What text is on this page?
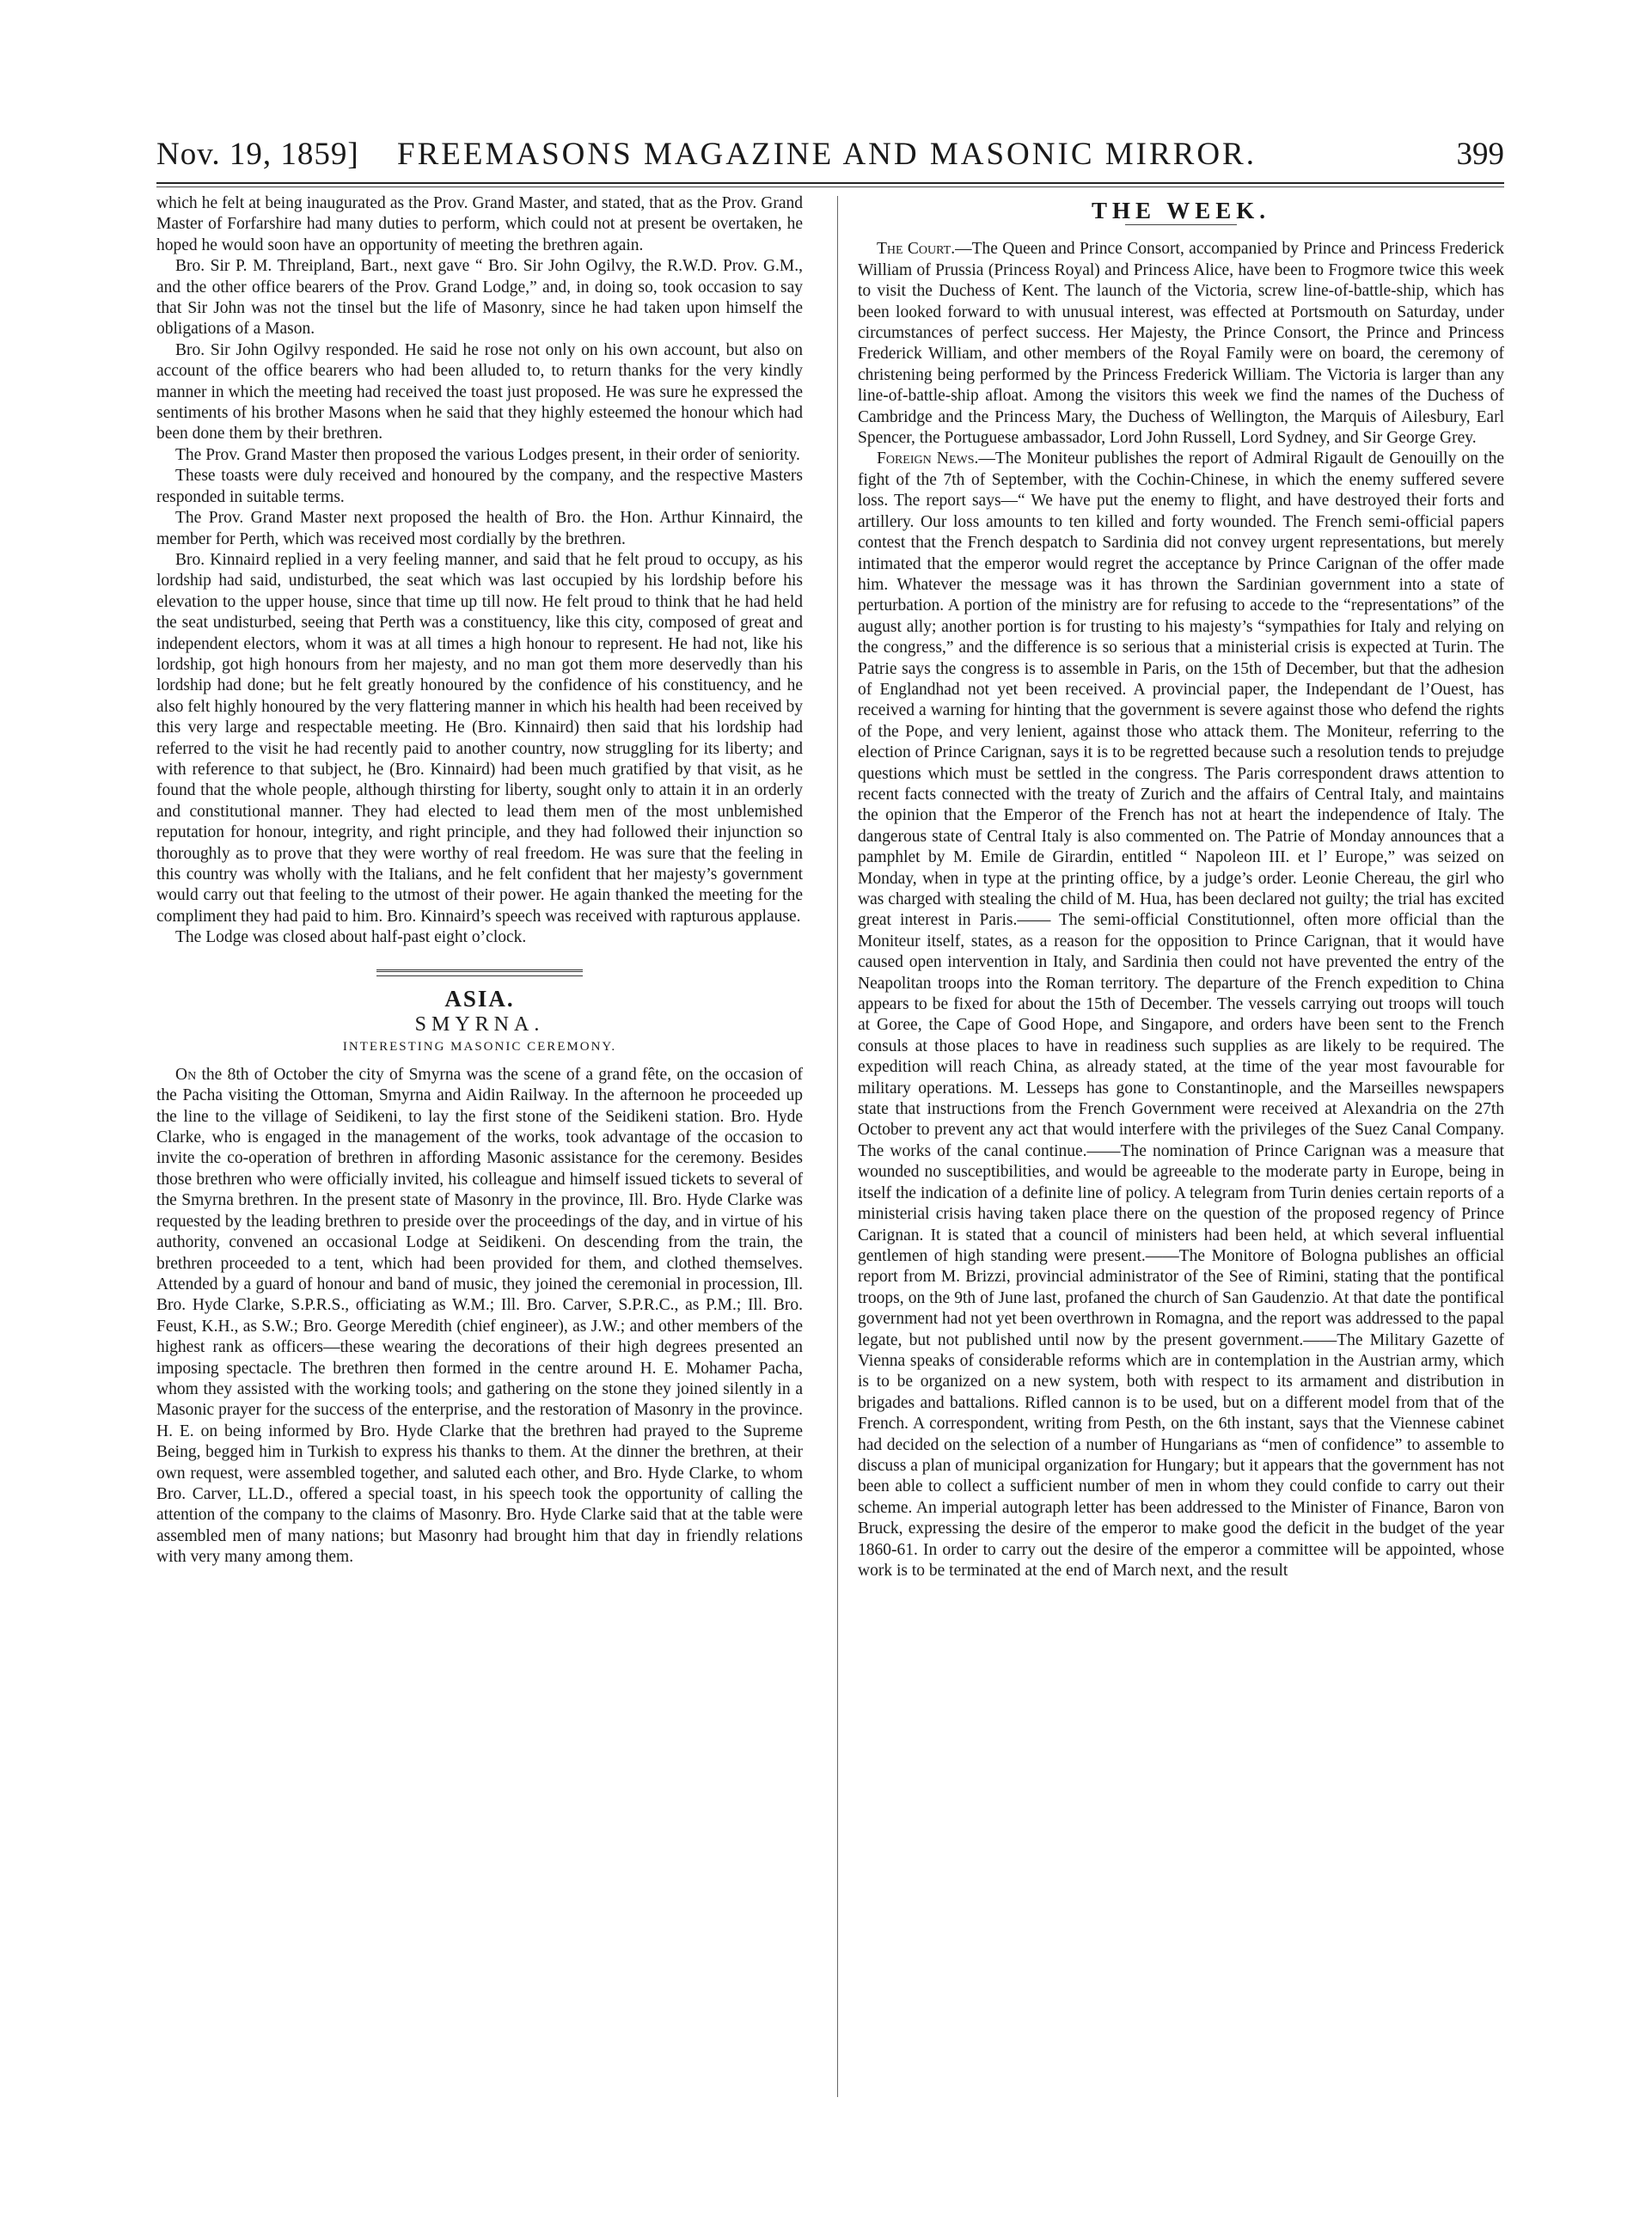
Nov. 19, 1859]	FREEMASONS MAGAZINE AND MASONIC MIRROR.	399

which he felt at being inaugurated as the Prov. Grand Master, and stated, that as the Prov. Grand Master of Forfarshire had many duties to perform, which could not at present be overtaken, he hoped he would soon have an opportunity of meeting the brethren again.

Bro. Sir P. M. Threipland, Bart., next gave “ Bro. Sir John Ogilvy, the R.W.D. Prov. G.M., and the other office bearers of the Prov. Grand Lodge,” and, in doing so, took occasion to say that Sir John was not the tinsel but the life of Masonry, since he had taken upon himself the obligations of a Mason.

Bro. Sir John Ogilvy responded. He said he rose not only on his own account, but also on account of the office bearers who had been alluded to, to return thanks for the very kindly manner in which the meeting had received the toast just proposed. He was sure he expressed the sentiments of his brother Masons when he said that they highly esteemed the honour which had been done them by their brethren.

The Prov. Grand Master then proposed the various Lodges present, in their order of seniority.

These toasts were duly received and honoured by the company, and the respective Masters responded in suitable terms.

The Prov. Grand Master next proposed the health of Bro. the Hon. Arthur Kinnaird, the member for Perth, which was received most cordially by the brethren.

Bro. Kinnaird replied in a very feeling manner, and said that he felt proud to occupy, as his lordship had said, undisturbed, the seat which was last occupied by his lordship before his elevation to the upper house, since that time up till now. He felt proud to think that he had held the seat undisturbed, seeing that Perth was a constituency, like this city, composed of great and independent electors, whom it was at all times a high honour to represent. He had not, like his lordship, got high honours from her majesty, and no man got them more deservedly than his lordship had done; but he felt greatly honoured by the confidence of his constituency, and he also felt highly honoured by the very flattering manner in which his health had been received by this very large and respectable meeting. He (Bro. Kinnaird) then said that his lordship had referred to the visit he had recently paid to another country, now struggling for its liberty; and with reference to that subject, he (Bro. Kinnaird) had been much gratified by that visit, as he found that the whole people, although thirsting for liberty, sought only to attain it in an orderly and constitutional manner. They had elected to lead them men of the most unblemished reputation for honour, integrity, and right principle, and they had followed their injunction so thoroughly as to prove that they were worthy of real freedom. He was sure that the feeling in this country was wholly with the Italians, and he felt confident that her majesty’s government would carry out that feeling to the utmost of their power. He again thanked the meeting for the compliment they had paid to him. Bro. Kinnaird’s speech was received with rapturous applause.

The Lodge was closed about half-past eight o’clock.

ASIA.
SMYRNA.
INTERESTING MASONIC CEREMONY.

On the 8th of October the city of Smyrna was the scene of a grand fête, on the occasion of the Pacha visiting the Ottoman, Smyrna and Aidin Railway. In the afternoon he proceeded up the line to the village of Seidikeni, to lay the first stone of the Seidikeni station. Bro. Hyde Clarke, who is engaged in the management of the works, took advantage of the occasion to invite the co-operation of brethren in affording Masonic assistance for the ceremony. Besides those brethren who were officially invited, his colleague and himself issued tickets to several of the Smyrna brethren. In the present state of Masonry in the province, Ill. Bro. Hyde Clarke was requested by the leading brethren to preside over the proceedings of the day, and in virtue of his authority, convened an occasional Lodge at Seidikeni. On descending from the train, the brethren proceeded to a tent, which had been provided for them, and clothed themselves. Attended by a guard of honour and band of music, they joined the ceremonial in procession, Ill. Bro. Hyde Clarke, S.P.R.S., officiating as W.M.; Ill. Bro. Carver, S.P.R.C., as P.M.; Ill. Bro. Feust, K.H., as S.W.; Bro. George Meredith (chief engineer), as J.W.; and other members of the highest rank as officers—these wearing the decorations of their high degrees presented an imposing spectacle. The brethren then formed in the centre around H. E. Mohamer Pacha, whom they assisted with the working tools; and gathering on the stone they joined silently in a Masonic prayer for the success of the enterprise, and the restoration of Masonry in the province. H. E. on being informed by Bro. Hyde Clarke that the brethren had prayed to the Supreme Being, begged him in Turkish to express his thanks to them. At the dinner the brethren, at their own request, were assembled together, and saluted each other, and Bro. Hyde Clarke, to whom Bro. Carver, LL.D., offered a special toast, in his speech took the opportunity of calling the attention of the company to the claims of Masonry. Bro. Hyde Clarke said that at the table were assembled men of many nations; but Masonry had brought him that day in friendly relations with very many among them.

THE WEEK.

The Court.—The Queen and Prince Consort, accompanied by Prince and Princess Frederick William of Prussia (Princess Royal) and Princess Alice, have been to Frogmore twice this week to visit the Duchess of Kent. The launch of the Victoria, screw line-of-battle-ship, which has been looked forward to with unusual interest, was effected at Portsmouth on Saturday, under circumstances of perfect success. Her Majesty, the Prince Consort, the Prince and Princess Frederick William, and other members of the Royal Family were on board, the ceremony of christening being performed by the Princess Frederick William. The Victoria is larger than any line-of-battle-ship afloat. Among the visitors this week we find the names of the Duchess of Cambridge and the Princess Mary, the Duchess of Wellington, the Marquis of Ailesbury, Earl Spencer, the Portuguese ambassador, Lord John Russell, Lord Sydney, and Sir George Grey.

Foreign News.—The Moniteur publishes the report of Admiral Rigault de Genouilly on the fight of the 7th of September, with the Cochin-Chinese, in which the enemy suffered severe loss. The report says—“ We have put the enemy to flight, and have destroyed their forts and artillery. Our loss amounts to ten killed and forty wounded. The French semi-official papers contest that the French despatch to Sardinia did not convey urgent representations, but merely intimated that the emperor would regret the acceptance by Prince Carignan of the offer made him. Whatever the message was it has thrown the Sardinian government into a state of perturbation. A portion of the ministry are for refusing to accede to the “representations” of the august ally; another portion is for trusting to his majesty’s “sympathies for Italy and relying on the congress,” and the difference is so serious that a ministerial crisis is expected at Turin. The Patrie says the congress is to assemble in Paris, on the 15th of December, but that the adhesion of Englandhad not yet been received. A provincial paper, the Independant de l’Ouest, has received a warning for hinting that the government is severe against those who defend the rights of the Pope, and very lenient, against those who attack them. The Moniteur, referring to the election of Prince Carignan, says it is to be regretted because such a resolution tends to prejudge questions which must be settled in the congress. The Paris correspondent draws attention to recent facts connected with the treaty of Zurich and the affairs of Central Italy, and maintains the opinion that the Emperor of the French has not at heart the independence of Italy. The dangerous state of Central Italy is also commented on. The Patrie of Monday announces that a pamphlet by M. Emile de Girardin, entitled “ Napoleon III. et l’ Europe,” was seized on Monday, when in type at the printing office, by a judge’s order. Leonie Chereau, the girl who was charged with stealing the child of M. Hua, has been declared not guilty; the trial has excited great interest in Paris.—— The semi-official Constitutionnel, often more official than the Moniteur itself, states, as a reason for the opposition to Prince Carignan, that it would have caused open intervention in Italy, and Sardinia then could not have prevented the entry of the Neapolitan troops into the Roman territory. The departure of the French expedition to China appears to be fixed for about the 15th of December. The vessels carrying out troops will touch at Goree, the Cape of Good Hope, and Singapore, and orders have been sent to the French consuls at those places to have in readiness such supplies as are likely to be required. The expedition will reach China, as already stated, at the time of the year most favourable for military operations. M. Lesseps has gone to Constantinople, and the Marseilles newspapers state that instructions from the French Government were received at Alexandria on the 27th October to prevent any act that would interfere with the privileges of the Suez Canal Company. The works of the canal continue.——The nomination of Prince Carignan was a measure that wounded no susceptibilities, and would be agreeable to the moderate party in Europe, being in itself the indication of a definite line of policy. A telegram from Turin denies certain reports of a ministerial crisis having taken place there on the question of the proposed regency of Prince Carignan. It is stated that a council of ministers had been held, at which several influential gentlemen of high standing were present.——The Monitore of Bologna publishes an official report from M. Brizzi, provincial administrator of the See of Rimini, stating that the pontifical troops, on the 9th of June last, profaned the church of San Gaudenzio. At that date the pontifical government had not yet been overthrown in Romagna, and the report was addressed to the papal legate, but not published until now by the present government.——The Military Gazette of Vienna speaks of considerable reforms which are in contemplation in the Austrian army, which is to be organized on a new system, both with respect to its armament and distribution in brigades and battalions. Rifled cannon is to be used, but on a different model from that of the French. A correspondent, writing from Pesth, on the 6th instant, says that the Viennese cabinet had decided on the selection of a number of Hungarians as “men of confidence” to assemble to discuss a plan of municipal organization for Hungary; but it appears that the government has not been able to collect a sufficient number of men in whom they could confide to carry out their scheme. An imperial autograph letter has been addressed to the Minister of Finance, Baron von Bruck, expressing the desire of the emperor to make good the deficit in the budget of the year 1860-61. In order to carry out the desire of the emperor a committee will be appointed, whose work is to be terminated at the end of March next, and the result
